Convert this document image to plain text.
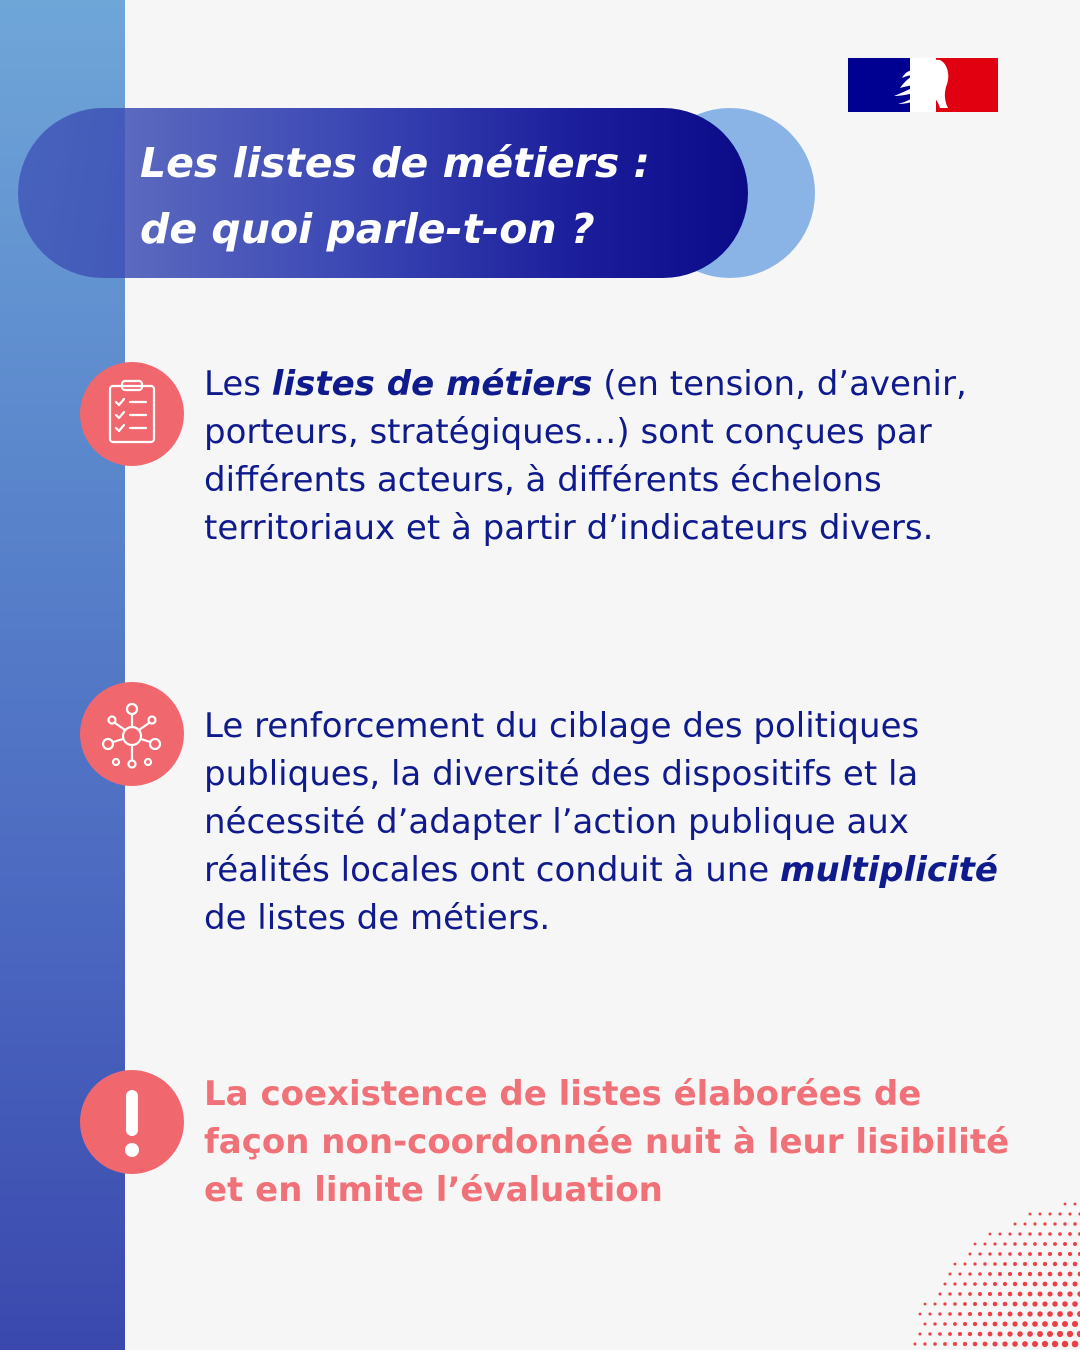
Les listes de métiers :
de quoi parle-t-on ?

Les listes de métiers (en tension, d’avenir, porteurs, stratégiques…) sont conçues par différents acteurs, à différents échelons territoriaux et à partir d’indicateurs divers.

Le renforcement du ciblage des politiques publiques, la diversité des dispositifs et la nécessité d’adapter l’action publique aux réalités locales ont conduit à une multiplicité de listes de métiers.

La coexistence de listes élaborées de façon non-coordonnée nuit à leur lisibilité et en limite l’évaluation
